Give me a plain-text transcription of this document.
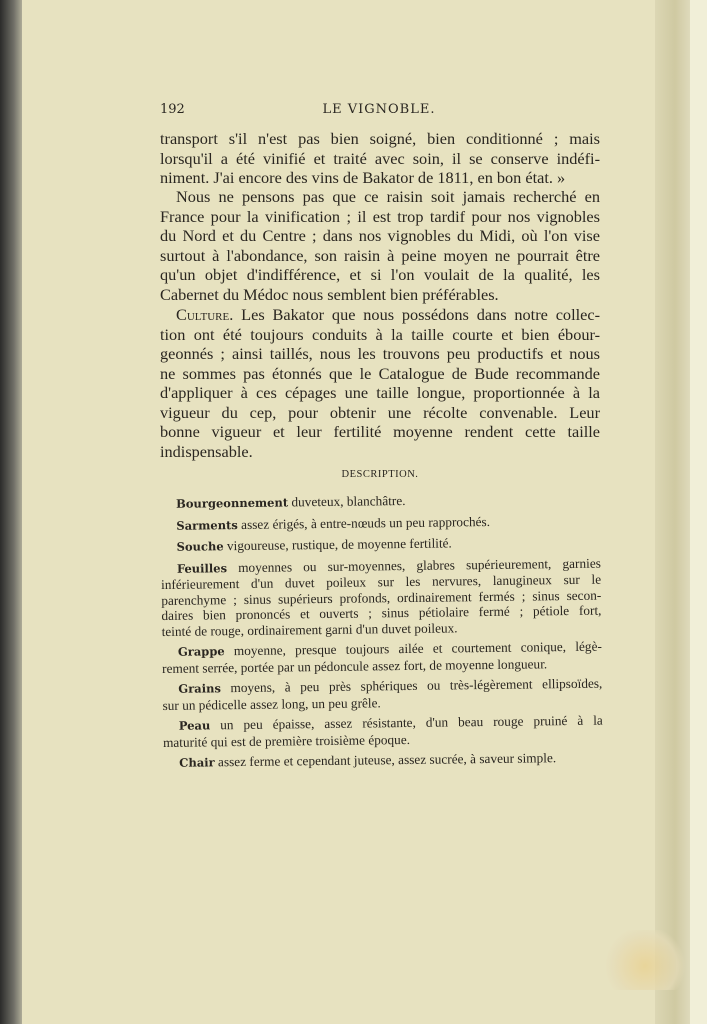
192	LE VIGNOBLE.
transport s'il n'est pas bien soigné, bien conditionné ; mais
lorsqu'il a été vinifié et traité avec soin, il se conserve indéfi-
niment. J'ai encore des vins de Bakator de 1811, en bon état. »
Nous ne pensons pas que ce raisin soit jamais recherché en
France pour la vinification ; il est trop tardif pour nos vignobles
du Nord et du Centre ; dans nos vignobles du Midi, où l'on vise
surtout à l'abondance, son raisin à peine moyen ne pourrait être
qu'un objet d'indifférence, et si l'on voulait de la qualité, les
Cabernet du Médoc nous semblent bien préférables.
Culture. Les Bakator que nous possédons dans notre collec-
tion ont été toujours conduits à la taille courte et bien ébour-
geonnés ; ainsi taillés, nous les trouvons peu productifs et nous
ne sommes pas étonnés que le Catalogue de Bude recommande
d'appliquer à ces cépages une taille longue, proportionnée à la
vigueur du cep, pour obtenir une récolte convenable. Leur
bonne vigueur et leur fertilité moyenne rendent cette taille
indispensable.
DESCRIPTION.
Bourgeonnement duveteux, blanchâtre.
Sarments assez érigés, à entre-nœuds un peu rapprochés.
Souche vigoureuse, rustique, de moyenne fertilité.
Feuilles moyennes ou sur-moyennes, glabres supérieurement, garnies
inférieurement d'un duvet poileux sur les nervures, lanugineux sur le
parenchyme ; sinus supérieurs profonds, ordinairement fermés ; sinus secon-
daires bien prononcés et ouverts ; sinus pétiolaire fermé ; pétiole fort,
teinté de rouge, ordinairement garni d'un duvet poileux.
Grappe moyenne, presque toujours ailée et courtement conique, légè-
rement serrée, portée par un pédoncule assez fort, de moyenne longueur.
Grains moyens, à peu près sphériques ou très-légèrement ellipsoïdes,
sur un pédicelle assez long, un peu grêle.
Peau un peu épaisse, assez résistante, d'un beau rouge pruiné à la
maturité qui est de première troisième époque.
Chair assez ferme et cependant juteuse, assez sucrée, à saveur simple.
